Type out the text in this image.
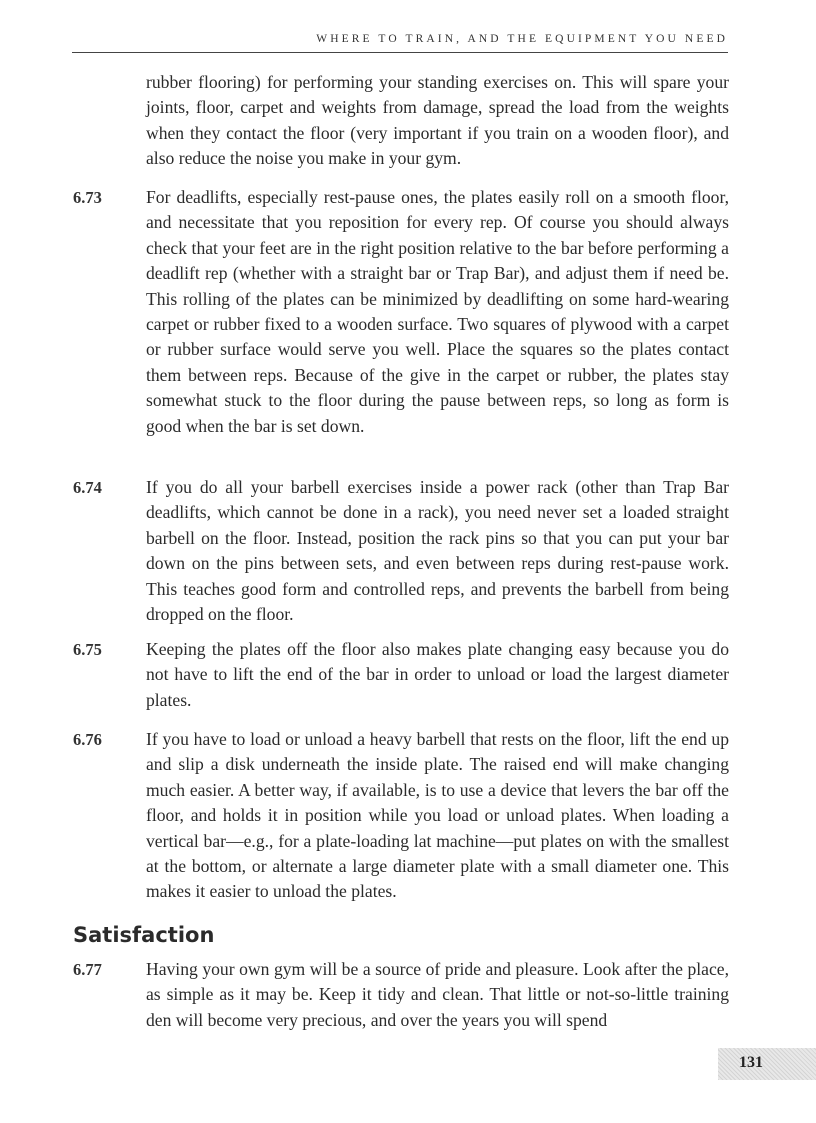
WHERE TO TRAIN, AND THE EQUIPMENT YOU NEED
rubber flooring) for performing your standing exercises on. This will spare your joints, floor, carpet and weights from damage, spread the load from the weights when they contact the floor (very important if you train on a wooden floor), and also reduce the noise you make in your gym.
6.73	For deadlifts, especially rest-pause ones, the plates easily roll on a smooth floor, and necessitate that you reposition for every rep. Of course you should always check that your feet are in the right position relative to the bar before performing a deadlift rep (whether with a straight bar or Trap Bar), and adjust them if need be. This rolling of the plates can be minimized by deadlifting on some hard-wearing carpet or rubber fixed to a wooden surface. Two squares of plywood with a carpet or rubber surface would serve you well. Place the squares so the plates contact them between reps. Because of the give in the carpet or rubber, the plates stay somewhat stuck to the floor during the pause between reps, so long as form is good when the bar is set down.
6.74	If you do all your barbell exercises inside a power rack (other than Trap Bar deadlifts, which cannot be done in a rack), you need never set a loaded straight barbell on the floor. Instead, position the rack pins so that you can put your bar down on the pins between sets, and even between reps during rest-pause work. This teaches good form and controlled reps, and prevents the barbell from being dropped on the floor.
6.75	Keeping the plates off the floor also makes plate changing easy because you do not have to lift the end of the bar in order to unload or load the largest diameter plates.
6.76	If you have to load or unload a heavy barbell that rests on the floor, lift the end up and slip a disk underneath the inside plate. The raised end will make changing much easier. A better way, if available, is to use a device that levers the bar off the floor, and holds it in position while you load or unload plates. When loading a vertical bar—e.g., for a plate-loading lat machine—put plates on with the smallest at the bottom, or alternate a large diameter plate with a small diameter one. This makes it easier to unload the plates.
Satisfaction
6.77	Having your own gym will be a source of pride and pleasure. Look after the place, as simple as it may be. Keep it tidy and clean. That little or not-so-little training den will become very precious, and over the years you will spend
131
